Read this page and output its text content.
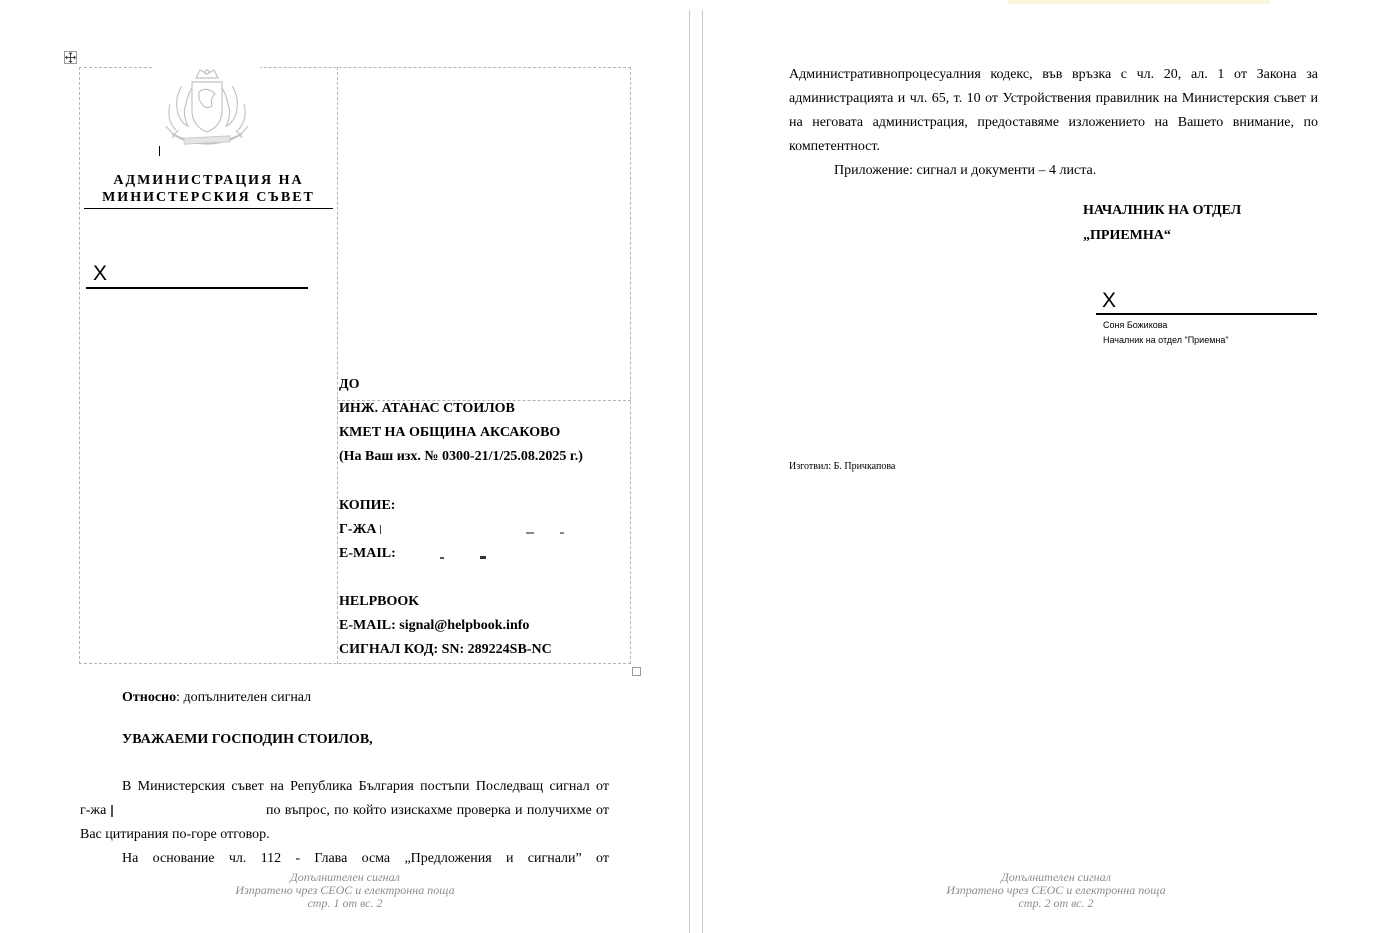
АДМИНИСТРАЦИЯ НА
МИНИСТЕРСКИЯ СЪВЕТ
X
ДО
ИНЖ. АТАНАС СТОИЛОВ
КМЕТ НА ОБЩИНА АКСАКОВО
(На Ваш изх. № 0300-21/1/25.08.2025 г.)
КОПИЕ:
Г-ЖА
E-MAIL:
HELPBOOK
E-MAIL: signal@helpbook.info
СИГНАЛ КОД: SN: 289224SB-NC
Относно: допълнителен сигнал
УВАЖАЕМИ ГОСПОДИН СТОИЛОВ,
В Министерския съвет на Република България постъпи Последващ сигнал от
г-жа	по въпрос, по който изискахме проверка и получихме от
Вас цитирания по-горе отговор.
На основание чл. 112 - Глава осма „Предложения и сигнали” от
Допълнителен сигнал
Изпратено чрез СЕОС и електронна поща
стр. 1 от вс. 2
Административнопроцесуалния кодекс, във връзка с чл. 20, ал. 1 от Закона за
администрацията и чл. 65, т. 10 от Устройствения правилник на Министерския съвет и
на неговата администрация, предоставяме изложението на Вашето внимание, по
компетентност.
Приложение: сигнал и документи – 4 листа.
НАЧАЛНИК НА ОТДЕЛ
„ПРИЕМНА“
X
Соня Божикова
Началник на отдел "Приемна"
Изготвил: Б. Причкапова
Допълнителен сигнал
Изпратено чрез СЕОС и електронна поща
стр. 2 от вс. 2
